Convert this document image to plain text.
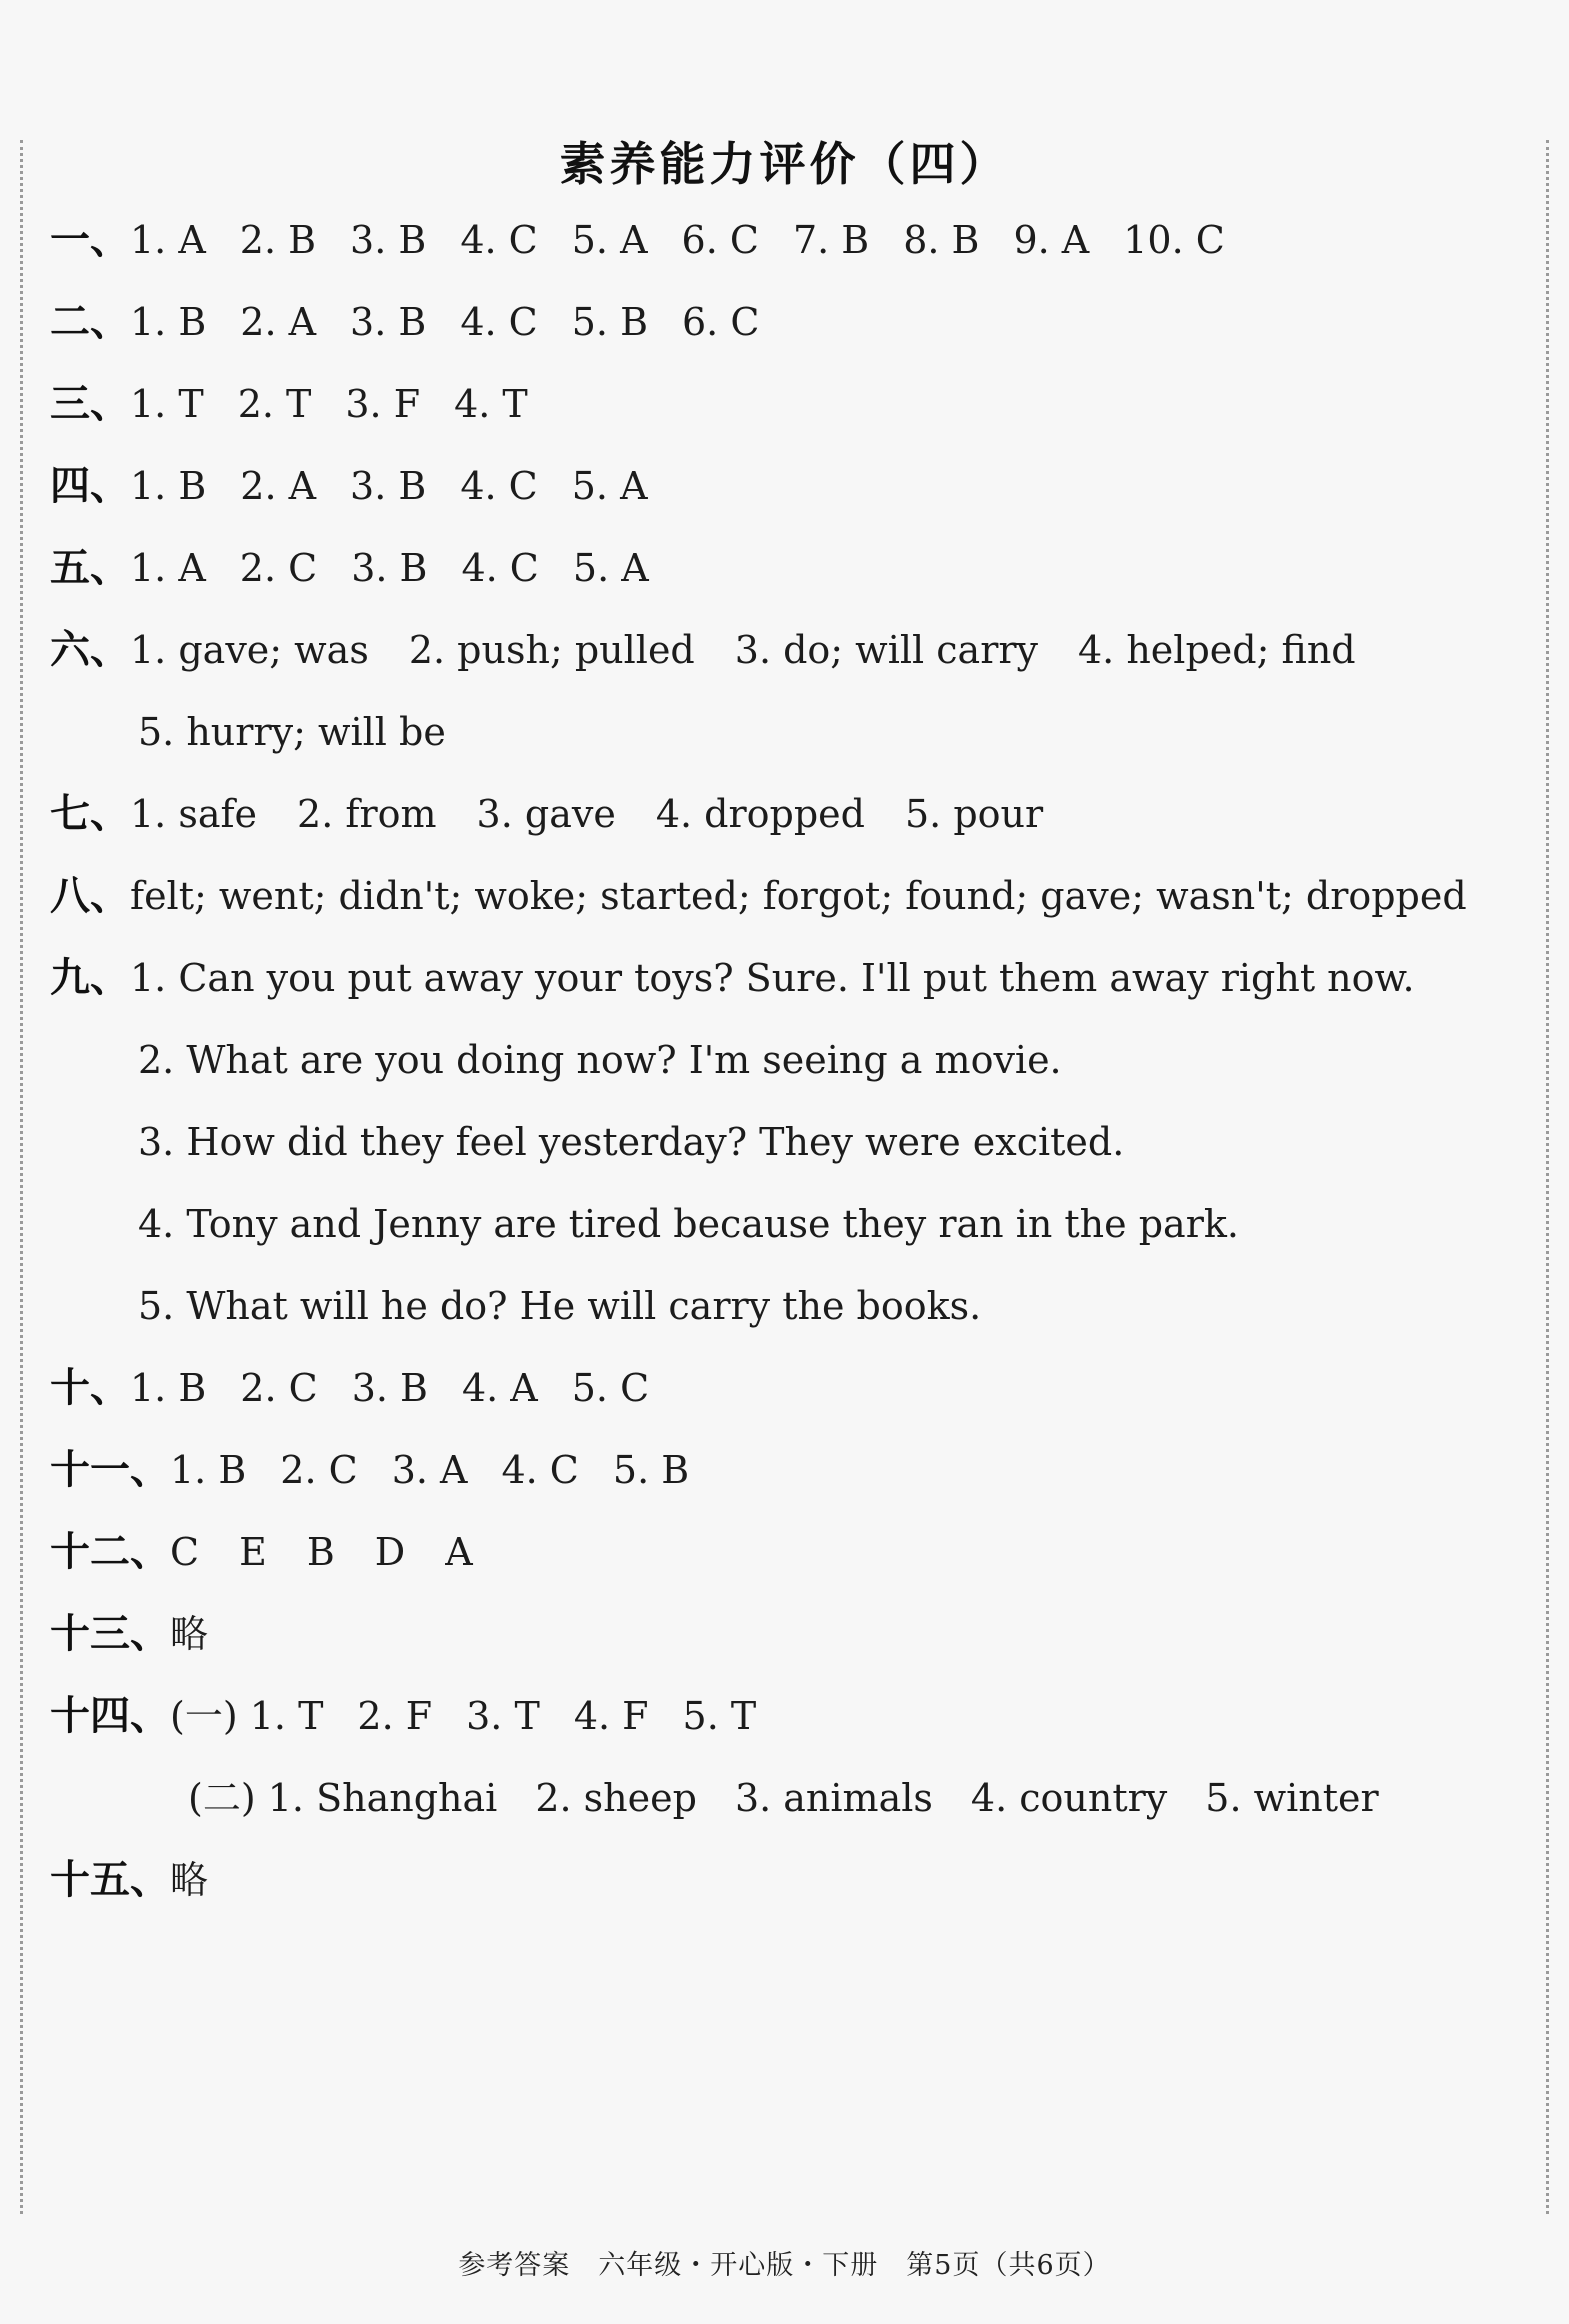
素养能力评价（四）
一、1. A 2. B 3. B 4. C 5. A 6. C 7. B 8. B 9. A 10. C
二、1. B 2. A 3. B 4. C 5. B 6. C
三、1. T 2. T 3. F 4. T
四、1. B 2. A 3. B 4. C 5. A
五、1. A 2. C 3. B 4. C 5. A
六、1. gave; was 2. push; pulled 3. do; will carry 4. helped; find
5. hurry; will be
七、1. safe 2. from 3. gave 4. dropped 5. pour
八、felt; went; didn't; woke; started; forgot; found; gave; wasn't; dropped
九、1. Can you put away your toys? Sure. I'll put them away right now.
2. What are you doing now? I'm seeing a movie.
3. How did they feel yesterday? They were excited.
4. Tony and Jenny are tired because they ran in the park.
5. What will he do? He will carry the books.
十、1. B 2. C 3. B 4. A 5. C
十一、1. B 2. C 3. A 4. C 5. B
十二、C E B D A
十三、略
十四、(一) 1. T 2. F 3. T 4. F 5. T
(二) 1. Shanghai 2. sheep 3. animals 4. country 5. winter
十五、略
参考答案　六年级・开心版・下册　第5页（共6页）
